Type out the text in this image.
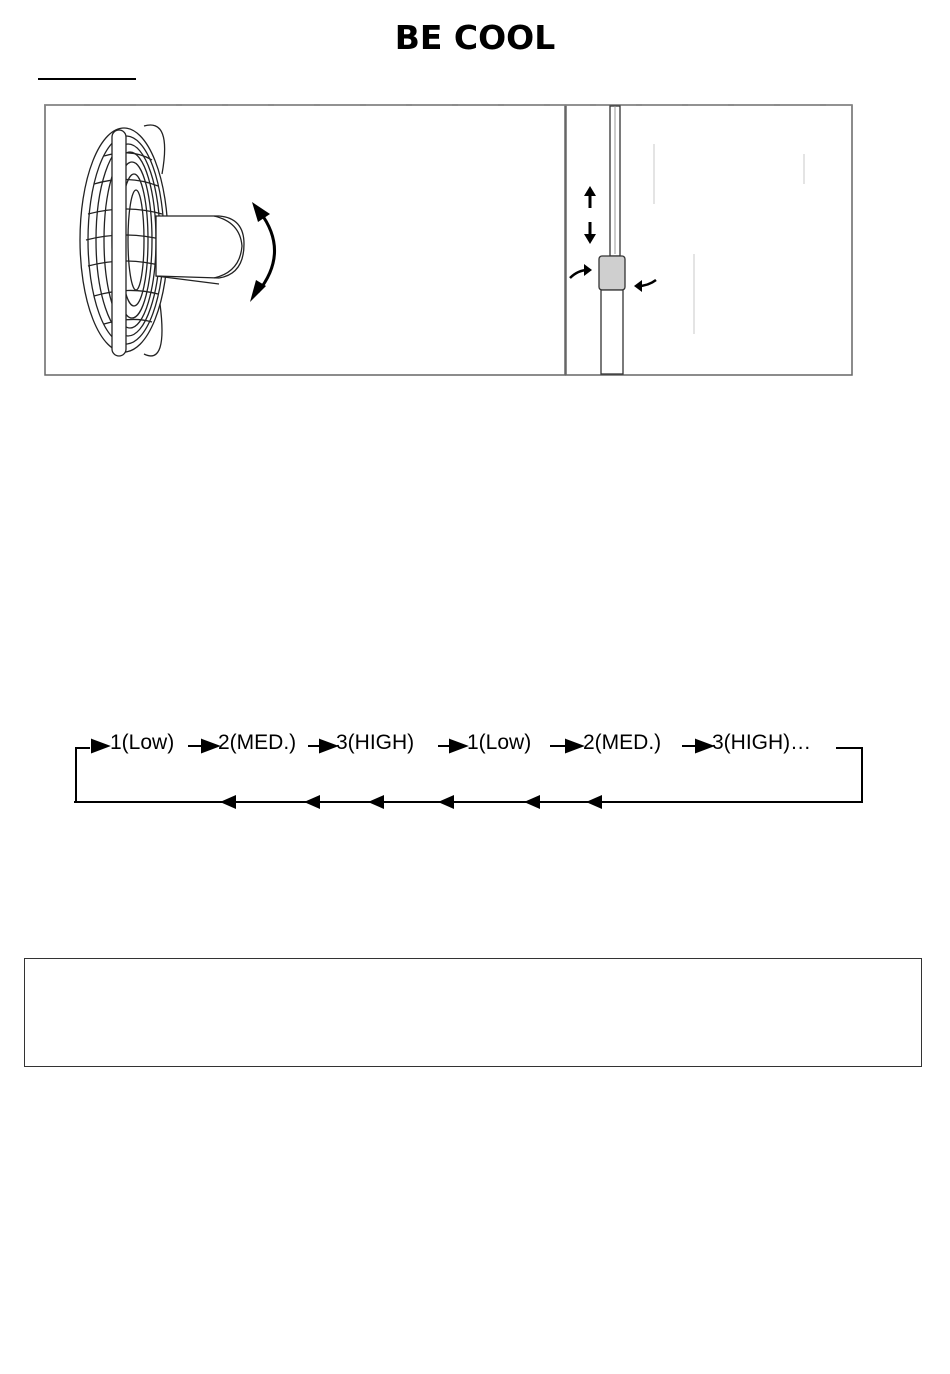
BE COOL
1(Low) 2(MED.) 3(HIGH)	1(Low) 2(MED.) 3(HIGH)…
